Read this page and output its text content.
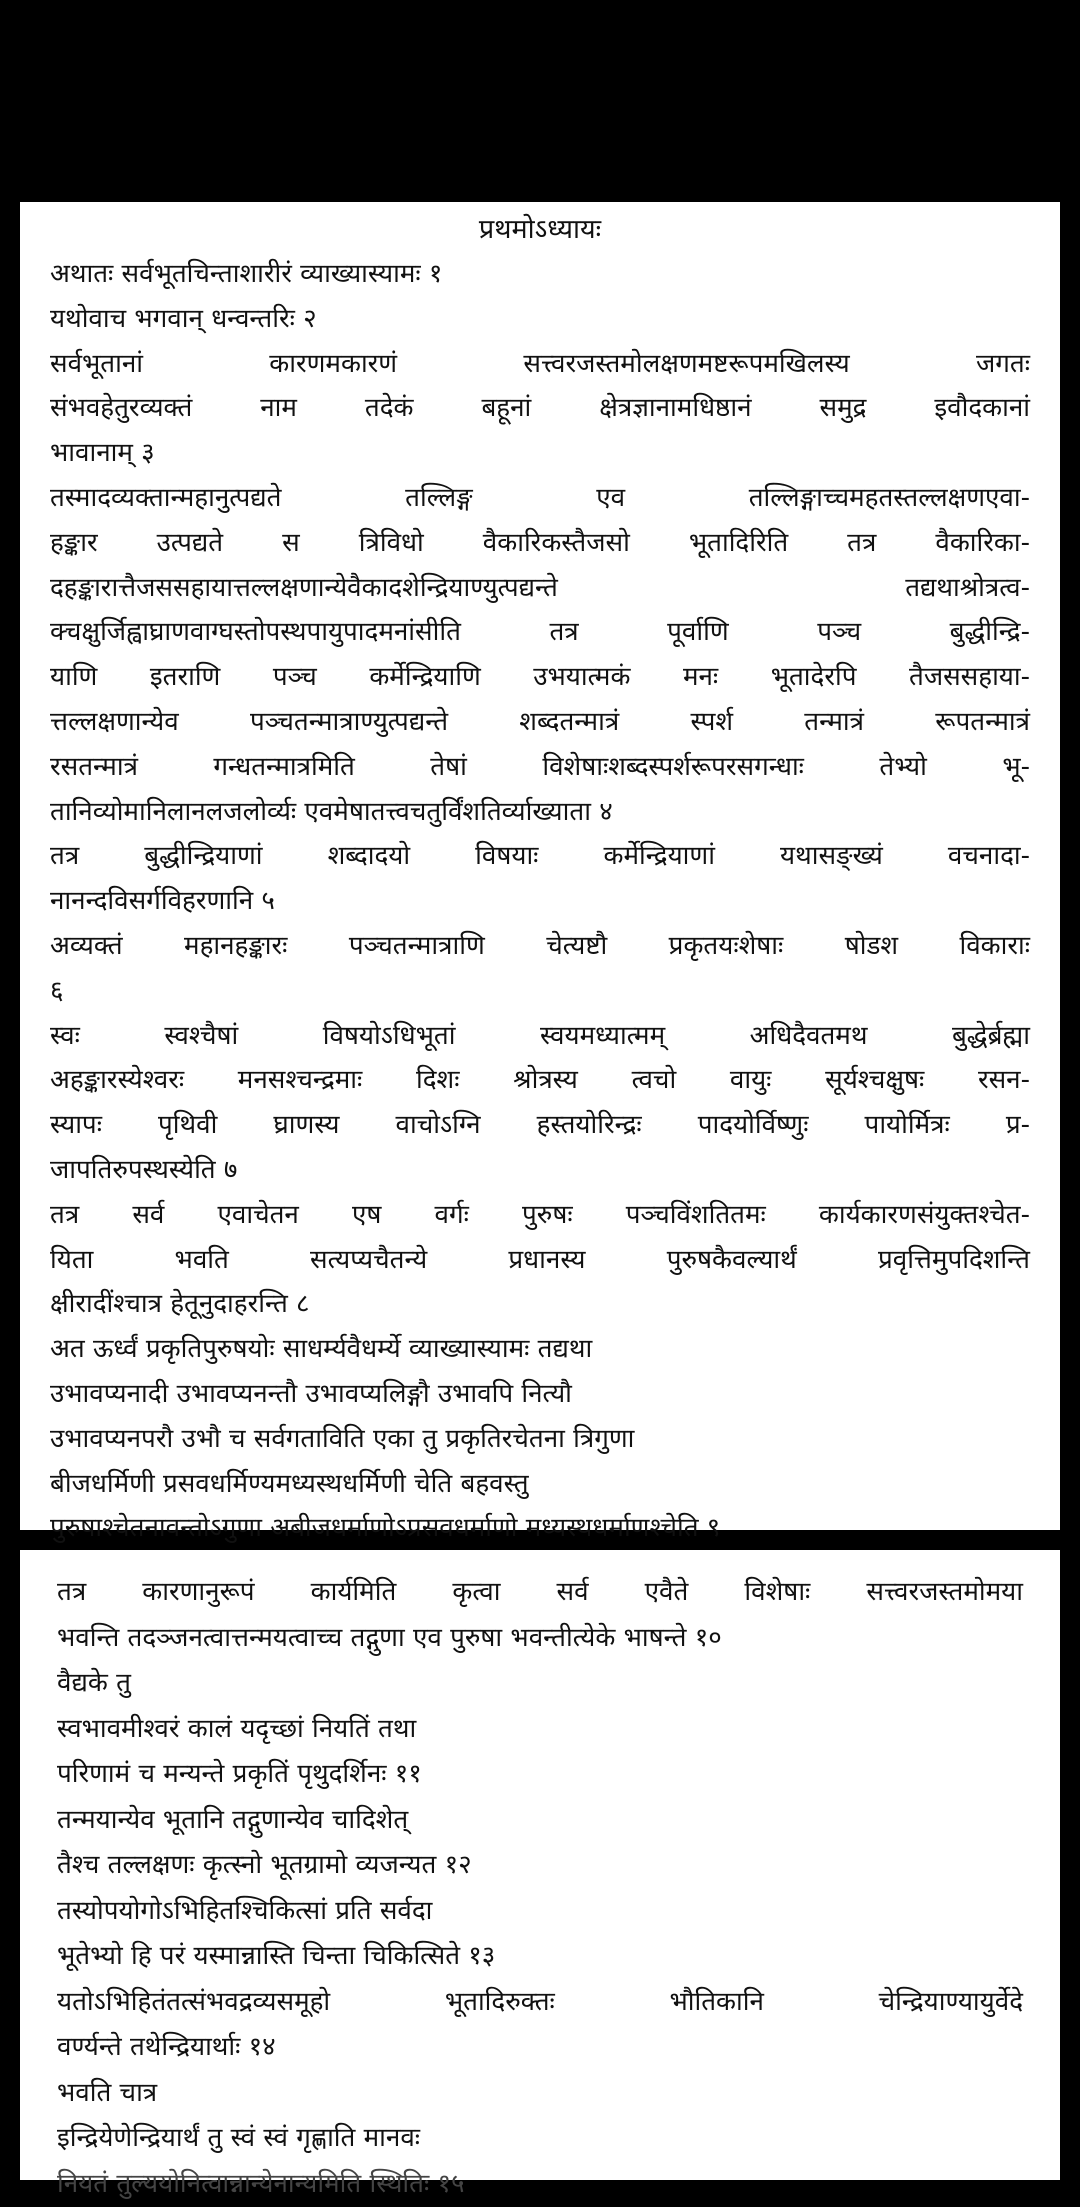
प्रथमोऽध्यायः
अथातः सर्वभूतचिन्ताशारीरं व्याख्यास्यामः १
यथोवाच भगवान् धन्वन्तरिः २
सर्वभूतानां कारणमकारणं सत्त्वरजस्तमोलक्षणमष्टरूपमखिलस्य जगतः
संभवहेतुरव्यक्तं नाम तदेकं बहूनां क्षेत्रज्ञानामधिष्ठानं समुद्र इवौदकानां
भावानाम् ३
तस्मादव्यक्तान्महानुत्पद्यते तल्लिङ्ग एव तल्लिङ्गाच्चमहतस्तल्लक्षणएवा-
हङ्कार उत्पद्यते स त्रिविधो वैकारिकस्तैजसो भूतादिरिति तत्र वैकारिका-
दहङ्कारात्तैजससहायात्तल्लक्षणान्येवैकादशेन्द्रियाण्युत्पद्यन्ते तद्यथाश्रोत्रत्व-
क्चक्षुर्जिह्वाघ्राणवाग्घस्तोपस्थपायुपादमनांसीति तत्र पूर्वाणि पञ्च बुद्धीन्द्रि-
याणि इतराणि पञ्च कर्मेन्द्रियाणि उभयात्मकं मनः भूतादेरपि तैजससहाया-
त्तल्लक्षणान्येव पञ्चतन्मात्राण्युत्पद्यन्ते शब्दतन्मात्रं स्पर्श तन्मात्रं रूपतन्मात्रं
रसतन्मात्रं गन्धतन्मात्रमिति तेषां विशेषाःशब्दस्पर्शरूपरसगन्धाः तेभ्यो भू-
तानिव्योमानिलानलजलोर्व्यः एवमेषातत्त्वचतुर्विंशतिर्व्याख्याता ४
तत्र बुद्धीन्द्रियाणां शब्दादयो विषयाः कर्मेन्द्रियाणां यथासङ्ख्यं वचनादा-
नानन्दविसर्गविहरणानि ५
अव्यक्तं महानहङ्कारः पञ्चतन्मात्राणि चेत्यष्टौ प्रकृतयःशेषाः षोडश विकाराः
६
स्वः स्वश्चैषां विषयोऽधिभूतां स्वयमध्यात्मम् अधिदैवतमथ बुद्धेर्ब्रह्मा
अहङ्कारस्येश्वरः मनसश्चन्द्रमाः दिशः श्रोत्रस्य त्वचो वायुः सूर्यश्चक्षुषः रसन-
स्यापः पृथिवी घ्राणस्य वाचोऽग्नि हस्तयोरिन्द्रः पादयोर्विष्णुः पायोर्मित्रः प्र-
जापतिरुपस्थस्येति ७
तत्र सर्व एवाचेतन एष वर्गः पुरुषः पञ्चविंशतितमः कार्यकारणसंयुक्तश्चेत-
यिता भवति सत्यप्यचैतन्ये प्रधानस्य पुरुषकैवल्यार्थं प्रवृत्तिमुपदिशन्ति
क्षीरादींश्चात्र हेतूनुदाहरन्ति ८
अत ऊर्ध्वं प्रकृतिपुरुषयोः साधर्म्यवैधर्म्ये व्याख्यास्यामः तद्यथा
उभावप्यनादी उभावप्यनन्तौ उभावप्यलिङ्गौ उभावपि नित्यौ
उभावप्यनपरौ उभौ च सर्वगताविति एका तु प्रकृतिरचेतना त्रिगुणा
बीजधर्मिणी प्रसवधर्मिण्यमध्यस्थधर्मिणी चेति बहवस्तु
पुरुषाश्चेतनावन्तोऽगुणा अबीजधर्माणोऽप्रसवधर्माणो मध्यस्थधर्माणश्चेति ९
तत्र कारणानुरूपं कार्यमिति कृत्वा सर्व एवैते विशेषाः सत्त्वरजस्तमोमया
भवन्ति तदञ्जनत्वात्तन्मयत्वाच्च तद्गुणा एव पुरुषा भवन्तीत्येके भाषन्ते १०
वैद्यके तु
स्वभावमीश्वरं कालं यदृच्छां नियतिं तथा
परिणामं च मन्यन्ते प्रकृतिं पृथुदर्शिनः ११
तन्मयान्येव भूतानि तद्गुणान्येव चादिशेत्
तैश्च तल्लक्षणः कृत्स्नो भूतग्रामो व्यजन्यत १२
तस्योपयोगोऽभिहितश्चिकित्सां प्रति सर्वदा
भूतेभ्यो हि परं यस्मान्नास्ति चिन्ता चिकित्सिते १३
यतोऽभिहितंतत्संभवद्रव्यसमूहो भूतादिरुक्तः भौतिकानि चेन्द्रियाण्यायुर्वेदे
वर्ण्यन्ते तथेन्द्रियार्थाः १४
भवति चात्र
इन्द्रियेणेन्द्रियार्थं तु स्वं स्वं गृह्णाति मानवः
नियतं तुल्ययोनित्वान्नान्येनान्यमिति स्थितिः १५
